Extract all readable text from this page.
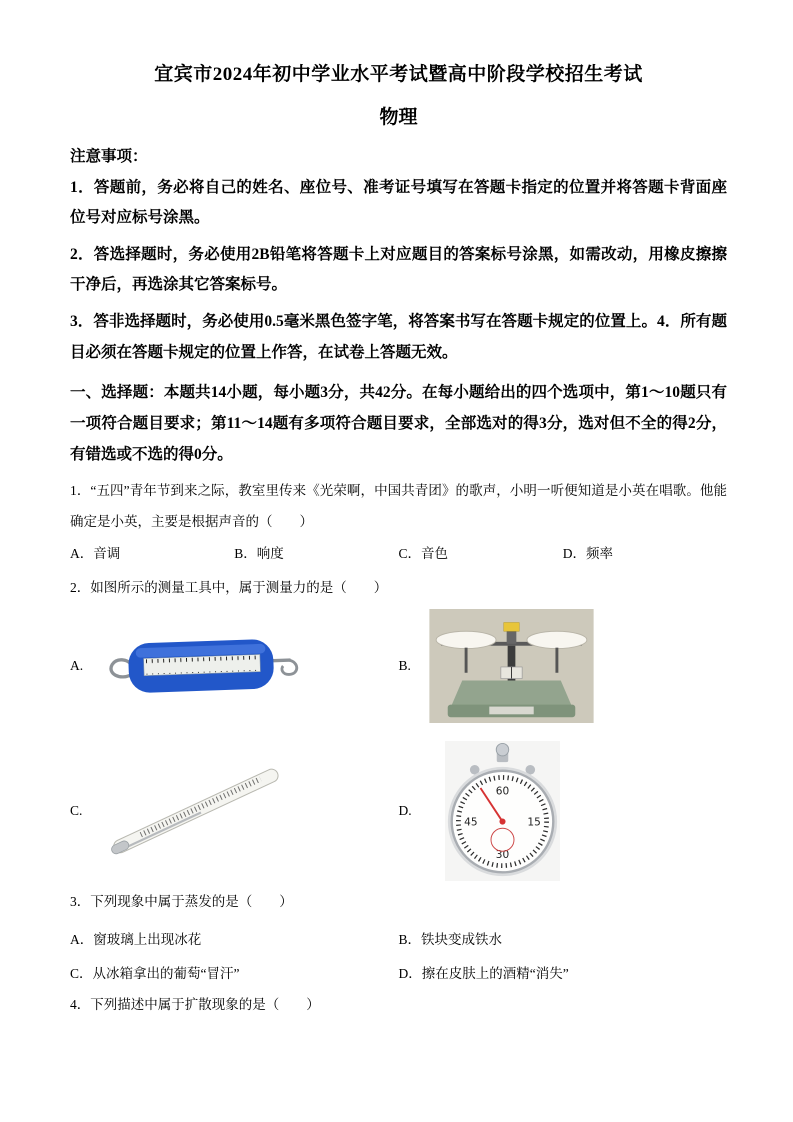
宜宾市2024年初中学业水平考试暨高中阶段学校招生考试
物理

注意事项：

1．答题前，务必将自己的姓名、座位号、准考证号填写在答题卡指定的位置并将答题卡背面座位号对应标号涂黑。

2．答选择题时，务必使用2B铅笔将答题卡上对应题目的答案标号涂黑，如需改动，用橡皮擦擦干净后，再选涂其它答案标号。

3．答非选择题时，务必使用0.5毫米黑色签字笔，将答案书写在答题卡规定的位置上。4．所有题目必须在答题卡规定的位置上作答，在试卷上答题无效。

一、选择题：本题共14小题，每小题3分，共42分。在每小题给出的四个选项中，第1～10题只有一项符合题目要求；第11～14题有多项符合题目要求，全部选对的得3分，选对但不全的得2分，有错选或不选的得0分。

1．“五四”青年节到来之际，教室里传来《光荣啊，中国共青团》的歌声，小明一听便知道是小英在唱歌。他能确定是小英，主要是根据声音的（　　）

A．音调	B．响度	C．音色	D．频率

2．如图所示的测量工具中，属于测量力的是（　　）

A.	B.
C.	D.
60
15
30
45

3．下列现象中属于蒸发的是（　　）

A．窗玻璃上出现冰花	B．铁块变成铁水
C．从冰箱拿出的葡萄“冒汗”	D．擦在皮肤上的酒精“消失”

4．下列描述中属于扩散现象的是（　　）
